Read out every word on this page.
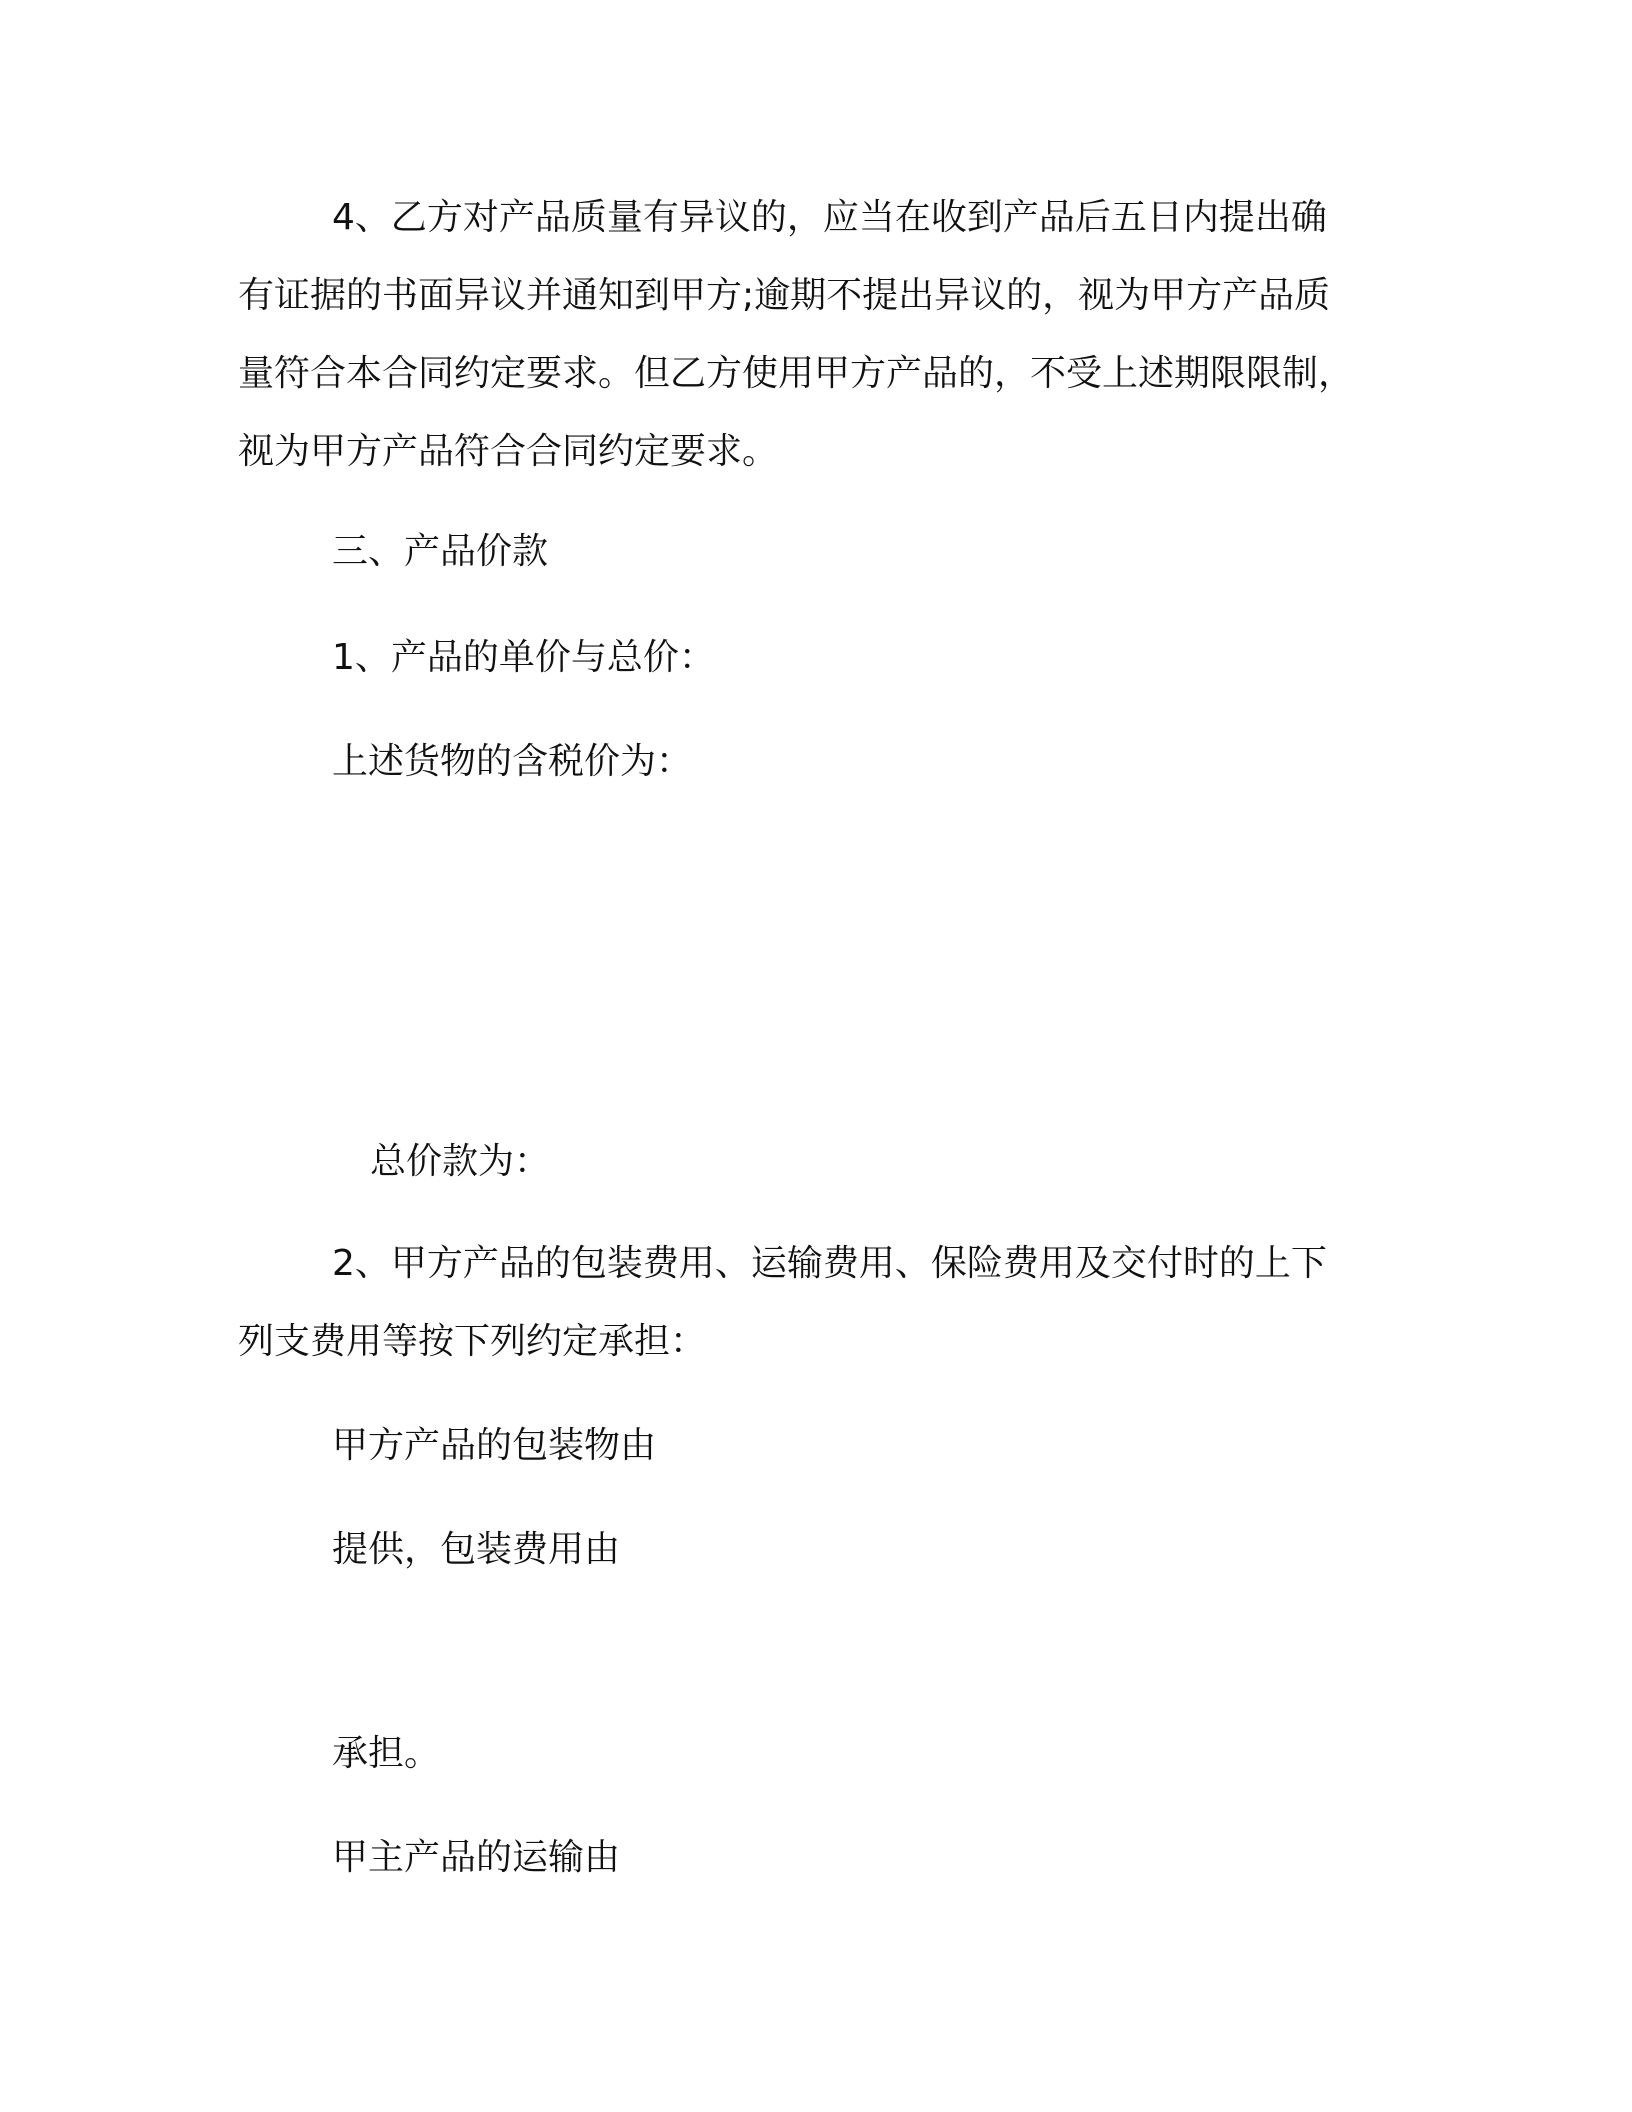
4、乙方对产品质量有异议的，应当在收到产品后五日内提出确
有证据的书面异议并通知到甲方;逾期不提出异议的，视为甲方产品质
量符合本合同约定要求。但乙方使用甲方产品的，不受上述期限限制，
视为甲方产品符合合同约定要求。
三、产品价款
1、产品的单价与总价：
上述货物的含税价为：
总价款为：
2、甲方产品的包装费用、运输费用、保险费用及交付时的上下
列支费用等按下列约定承担：
甲方产品的包装物由
提供，包装费用由
承担。
甲主产品的运输由
